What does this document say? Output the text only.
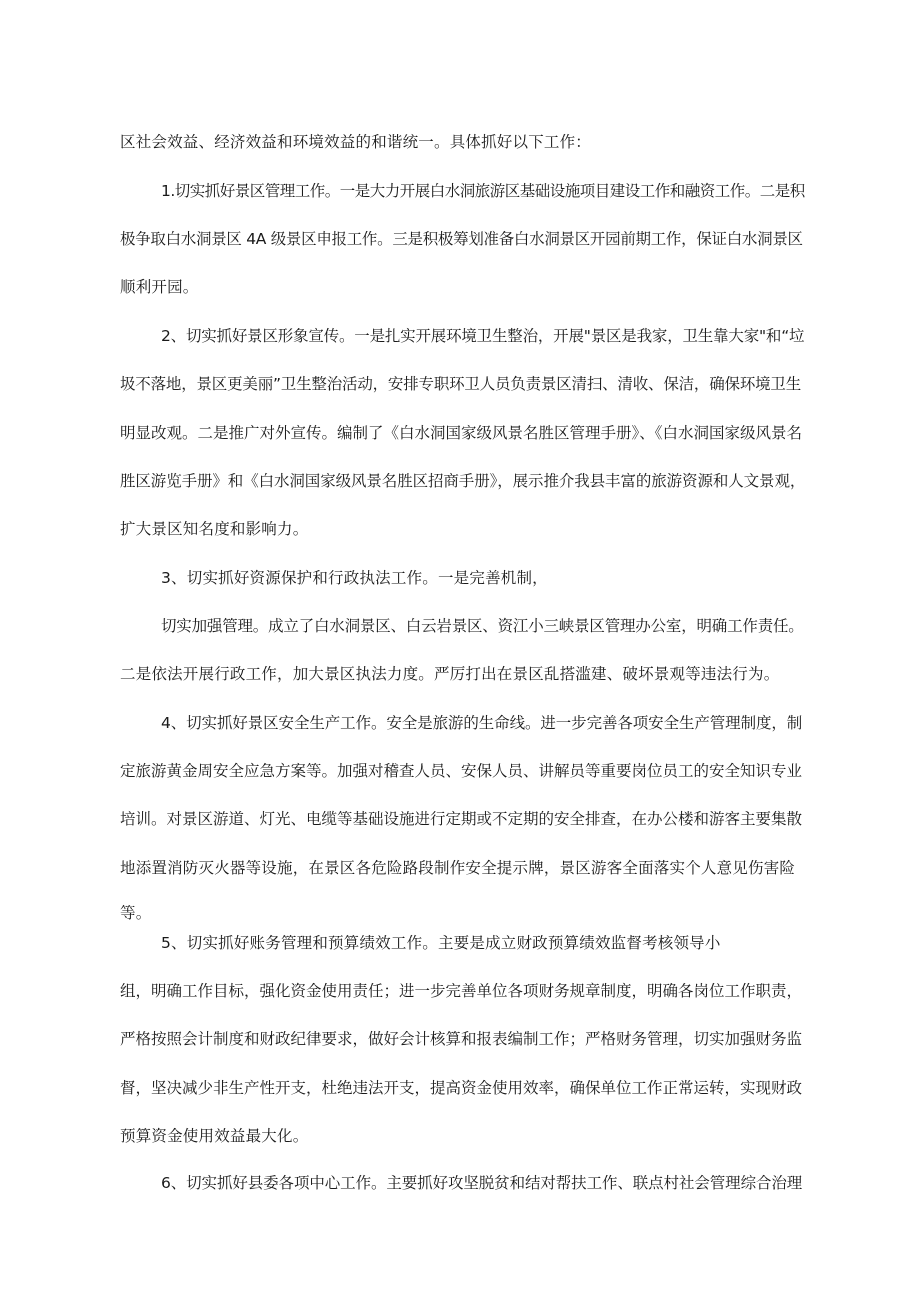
区社会效益、经济效益和环境效益的和谐统一。具体抓好以下工作：
1.切实抓好景区管理工作。一是大力开展白水洞旅游区基础设施项目建设工作和融资工作。二是积
极争取白水洞景区 4A 级景区申报工作。三是积极筹划准备白水洞景区开园前期工作，保证白水洞景区
顺利开园。
2、切实抓好景区形象宣传。一是扎实开展环境卫生整治，开展"景区是我家，卫生靠大家"和“垃
圾不落地，景区更美丽”卫生整治活动，安排专职环卫人员负责景区清扫、清收、保洁，确保环境卫生
明显改观。二是推广对外宣传。编制了《白水洞国家级风景名胜区管理手册》、《白水洞国家级风景名
胜区游览手册》和《白水洞国家级风景名胜区招商手册》，展示推介我县丰富的旅游资源和人文景观，
扩大景区知名度和影响力。
3、切实抓好资源保护和行政执法工作。一是完善机制，
切实加强管理。成立了白水洞景区、白云岩景区、资江小三峡景区管理办公室，明确工作责任。
二是依法开展行政工作，加大景区执法力度。严厉打出在景区乱搭滥建、破坏景观等违法行为。
4、切实抓好景区安全生产工作。安全是旅游的生命线。进一步完善各项安全生产管理制度，制
定旅游黄金周安全应急方案等。加强对稽查人员、安保人员、讲解员等重要岗位员工的安全知识专业
培训。对景区游道、灯光、电缆等基础设施进行定期或不定期的安全排查，在办公楼和游客主要集散
地添置消防灭火器等设施，在景区各危险路段制作安全提示牌，景区游客全面落实个人意见伤害险
等。
5、切实抓好账务管理和预算绩效工作。主要是成立财政预算绩效监督考核领导小
组，明确工作目标，强化资金使用责任；进一步完善单位各项财务规章制度，明确各岗位工作职责，
严格按照会计制度和财政纪律要求，做好会计核算和报表编制工作；严格财务管理，切实加强财务监
督，坚决减少非生产性开支，杜绝违法开支，提高资金使用效率，确保单位工作正常运转，实现财政
预算资金使用效益最大化。
6、切实抓好县委各项中心工作。主要抓好攻坚脱贫和结对帮扶工作、联点村社会管理综合治理
